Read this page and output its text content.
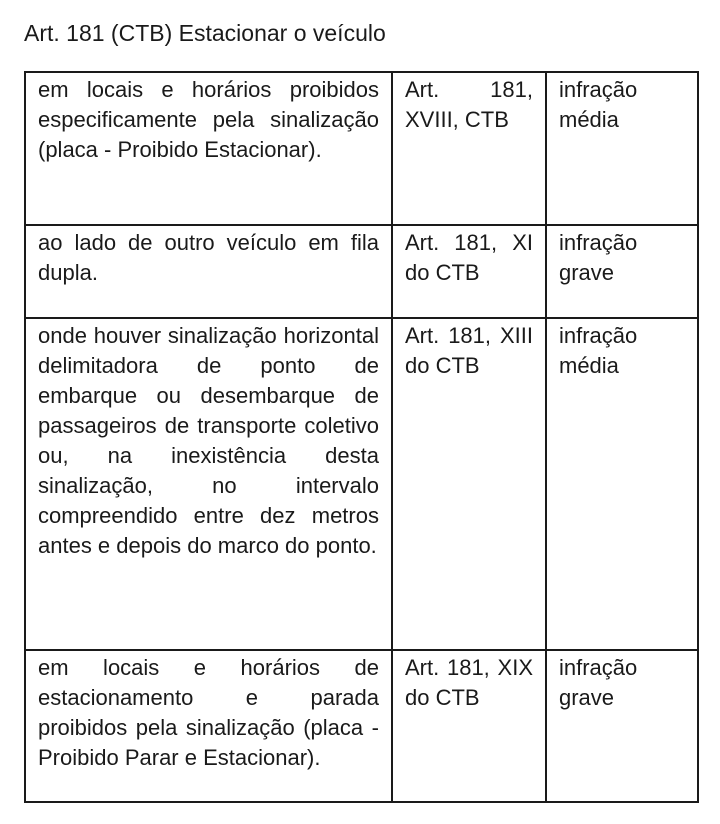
Art. 181 (CTB) Estacionar o veículo
em locais e horários proibidos especificamente pela sinalização (placa - Proibido Estacionar).	Art. 181, XVIII, CTB	infração média
ao lado de outro veículo em fila dupla.	Art. 181, XI do CTB	infração grave
onde houver sinalização horizontal delimitadora de ponto de embarque ou desembarque de passageiros de transporte coletivo ou, na inexistência desta sinalização, no intervalo compreendido entre dez metros antes e depois do marco do ponto.	Art. 181, XIII do CTB	infração média
em locais e horários de estacionamento e parada proibidos pela sinalização (placa - Proibido Parar e Estacionar).	Art. 181, XIX do CTB	infração grave
